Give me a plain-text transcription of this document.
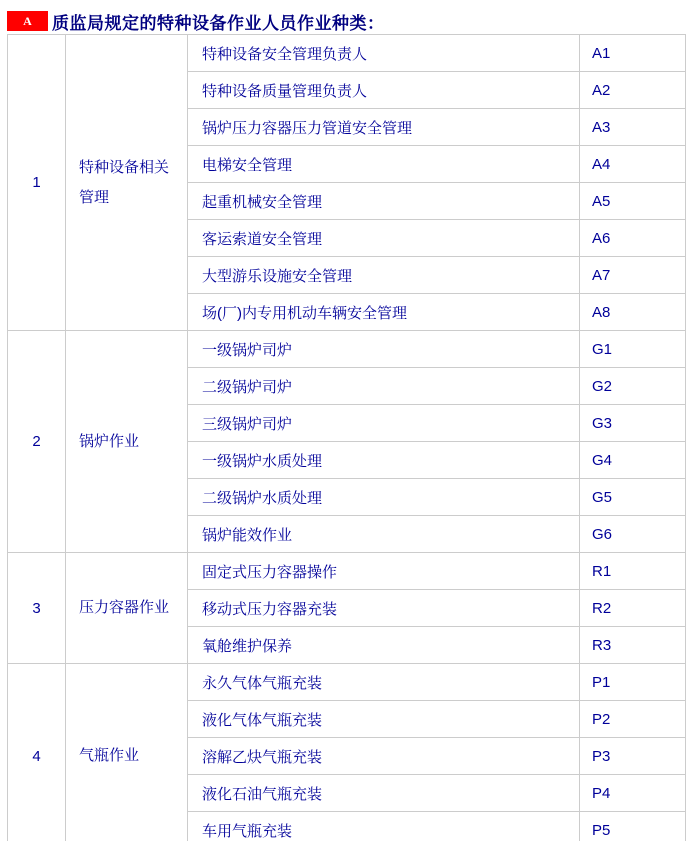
A	质监局规定的特种设备作业人员作业种类：
1	特种设备相关管理	特种设备安全管理负责人	A1
		特种设备质量管理负责人	A2
		锅炉压力容器压力管道安全管理	A3
		电梯安全管理	A4
		起重机械安全管理	A5
		客运索道安全管理	A6
		大型游乐设施安全管理	A7
		场(厂)内专用机动车辆安全管理	A8
2	锅炉作业	一级锅炉司炉	G1
		二级锅炉司炉	G2
		三级锅炉司炉	G3
		一级锅炉水质处理	G4
		二级锅炉水质处理	G5
		锅炉能效作业	G6
3	压力容器作业	固定式压力容器操作	R1
		移动式压力容器充装	R2
		氧舱维护保养	R3
4	气瓶作业	永久气体气瓶充装	P1
		液化气体气瓶充装	P2
		溶解乙炔气瓶充装	P3
		液化石油气瓶充装	P4
		车用气瓶充装	P5
